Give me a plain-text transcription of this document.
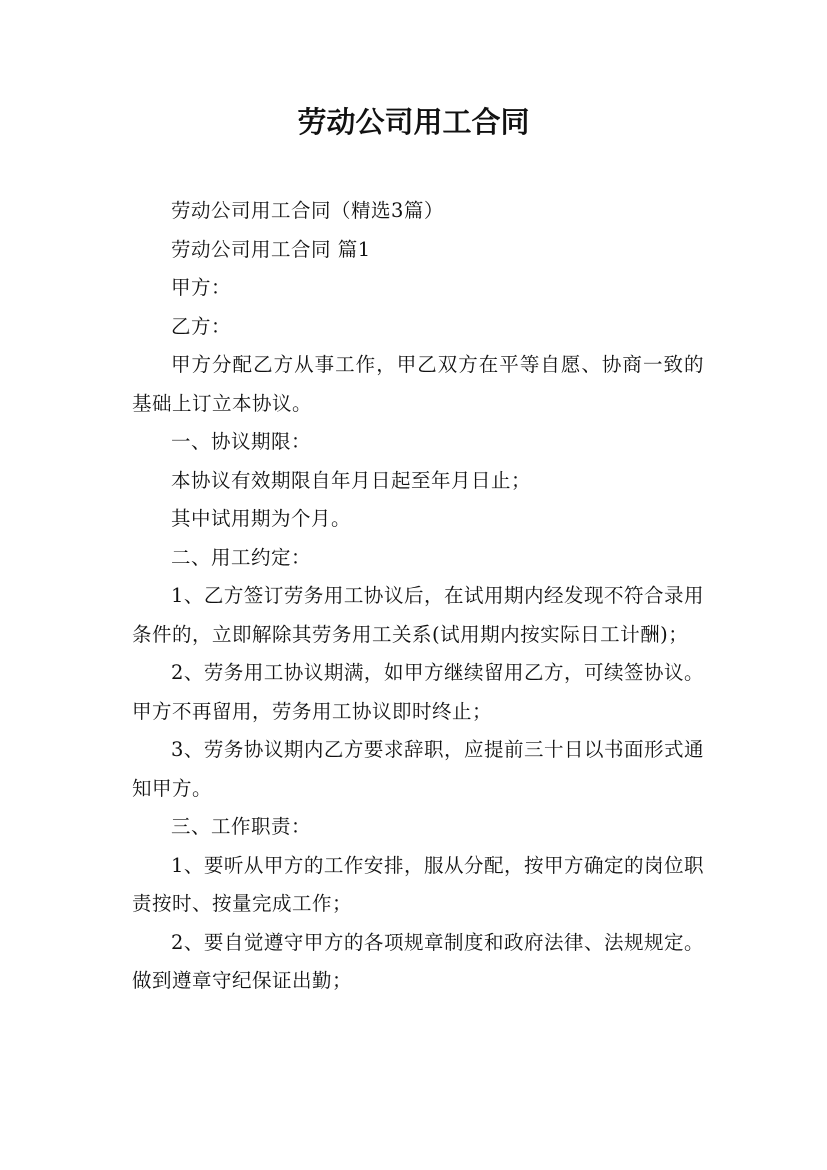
劳动公司用工合同

劳动公司用工合同（精选3篇）

劳动公司用工合同 篇1

甲方：

乙方：

甲方分配乙方从事工作，甲乙双方在平等自愿、协商一致的基础上订立本协议。

一、协议期限：

本协议有效期限自年月日起至年月日止；

其中试用期为个月。

二、用工约定：

1、乙方签订劳务用工协议后，在试用期内经发现不符合录用条件的，立即解除其劳务用工关系(试用期内按实际日工计酬)；

2、劳务用工协议期满，如甲方继续留用乙方，可续签协议。甲方不再留用，劳务用工协议即时终止；

3、劳务协议期内乙方要求辞职，应提前三十日以书面形式通知甲方。

三、工作职责：

1、要听从甲方的工作安排，服从分配，按甲方确定的岗位职责按时、按量完成工作；

2、要自觉遵守甲方的各项规章制度和政府法律、法规规定。做到遵章守纪保证出勤；
